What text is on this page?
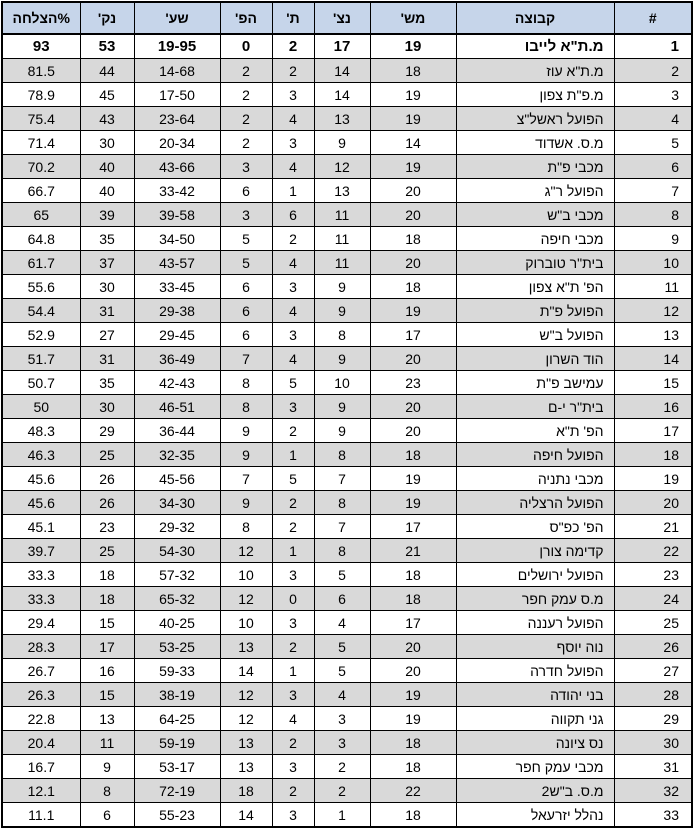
#	קבוצה	מש'	נצ'	ת'	הפ'	שע'	נק'	%הצלחה
1	מ.ת"א לייבו	19	17	2	0	19-95	53	93
2	מ.ת"א עוז	18	14	2	2	14-68	44	81.5
3	מ.פ"ת צפון	19	14	3	2	17-50	45	78.9
4	הפועל ראשל"צ	19	13	4	2	23-64	43	75.4
5	מ.ס. אשדוד	14	9	3	2	20-34	30	71.4
6	מכבי פ"ת	19	12	4	3	43-66	40	70.2
7	הפועל ר"ג	20	13	1	6	33-42	40	66.7
8	מכבי ב"ש	20	11	6	3	39-58	39	65
9	מכבי חיפה	18	11	2	5	34-50	35	64.8
10	בית"ר טוברוק	20	11	4	5	43-57	37	61.7
11	הפ' ת"א צפון	18	9	3	6	33-45	30	55.6
12	הפועל פ"ת	19	9	4	6	29-38	31	54.4
13	הפועל ב"ש	17	8	3	6	29-45	27	52.9
14	הוד השרון	20	9	4	7	36-49	31	51.7
15	עמישב פ"ת	23	10	5	8	42-43	35	50.7
16	בית"ר י-ם	20	9	3	8	46-51	30	50
17	הפ' ת"א	20	9	2	9	36-44	29	48.3
18	הפועל חיפה	18	8	1	9	32-35	25	46.3
19	מכבי נתניה	19	7	5	7	45-56	26	45.6
20	הפועל הרצליה	19	8	2	9	34-30	26	45.6
21	הפ' כפ"ס	17	7	2	8	29-32	23	45.1
22	קדימה צורן	21	8	1	12	54-30	25	39.7
23	הפועל ירושלים	18	5	3	10	57-32	18	33.3
24	מ.ס עמק חפר	18	6	0	12	65-32	18	33.3
25	הפועל רעננה	17	4	3	10	40-25	15	29.4
26	נוה יוסף	20	5	2	13	53-25	17	28.3
27	הפועל חדרה	20	5	1	14	59-33	16	26.7
28	בני יהודה	19	4	3	12	38-19	15	26.3
29	גני תקווה	19	3	4	12	64-25	13	22.8
30	נס ציונה	18	3	2	13	59-19	11	20.4
31	מכבי עמק חפר	18	2	3	13	53-17	9	16.7
32	מ.ס. ב"ש2	22	2	2	18	72-19	8	12.1
33	נהלל יזרעאל	18	1	3	14	55-23	6	11.1
